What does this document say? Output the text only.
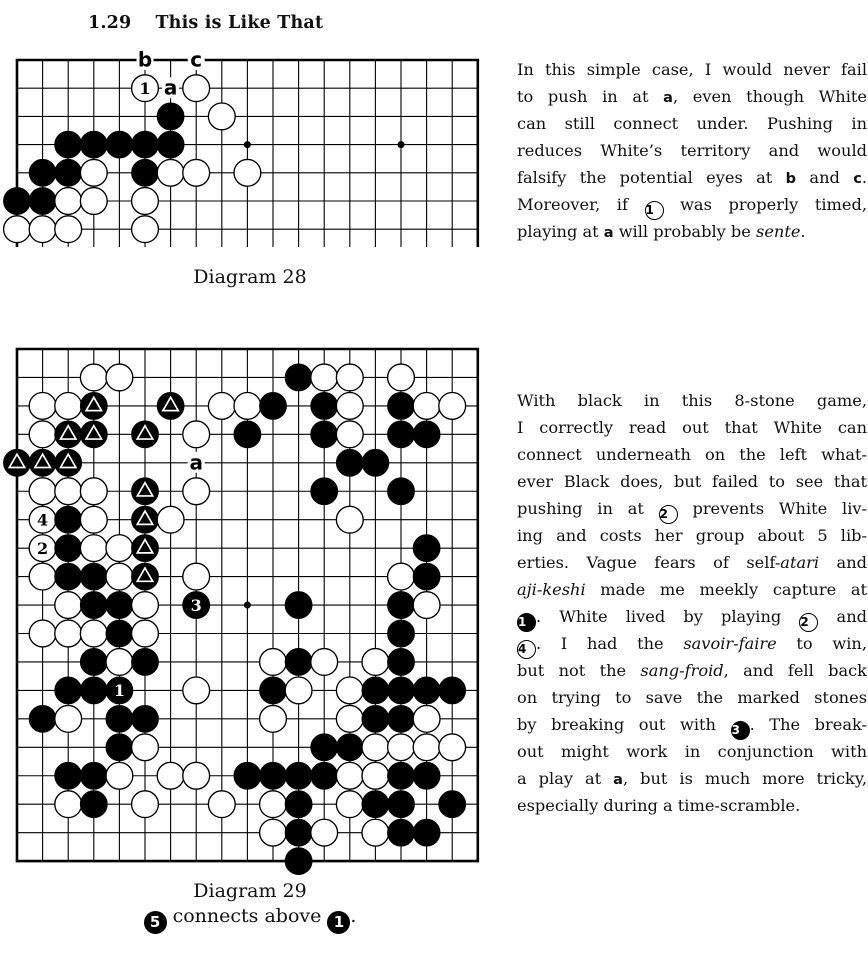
1.29 This is Like That
1
b c
a
Diagram 28
4
2
3
1
a
Diagram 29
5 connects above 1 .
In this simple case, I would never fail
to push in at a, even though White
can still connect under. Pushing in
reduces White’s territory and would
falsify the potential eyes at b and c.
Moreover, if 1 was properly timed,
playing at a will probably be sente.
With black in this 8-stone game,
I correctly read out that White can
connect underneath on the left what-
ever Black does, but failed to see that
pushing in at 2 prevents White liv-
ing and costs her group about 5 lib-
erties. Vague fears of self-atari and
aji-keshi made me meekly capture at
1 . White lived by playing 2 and
4 . I had the savoir-faire to win,
but not the sang-froid, and fell back
on trying to save the marked stones
by breaking out with 3 . The break-
out might work in conjunction with
a play at a, but is much more tricky,
especially during a time-scramble.
